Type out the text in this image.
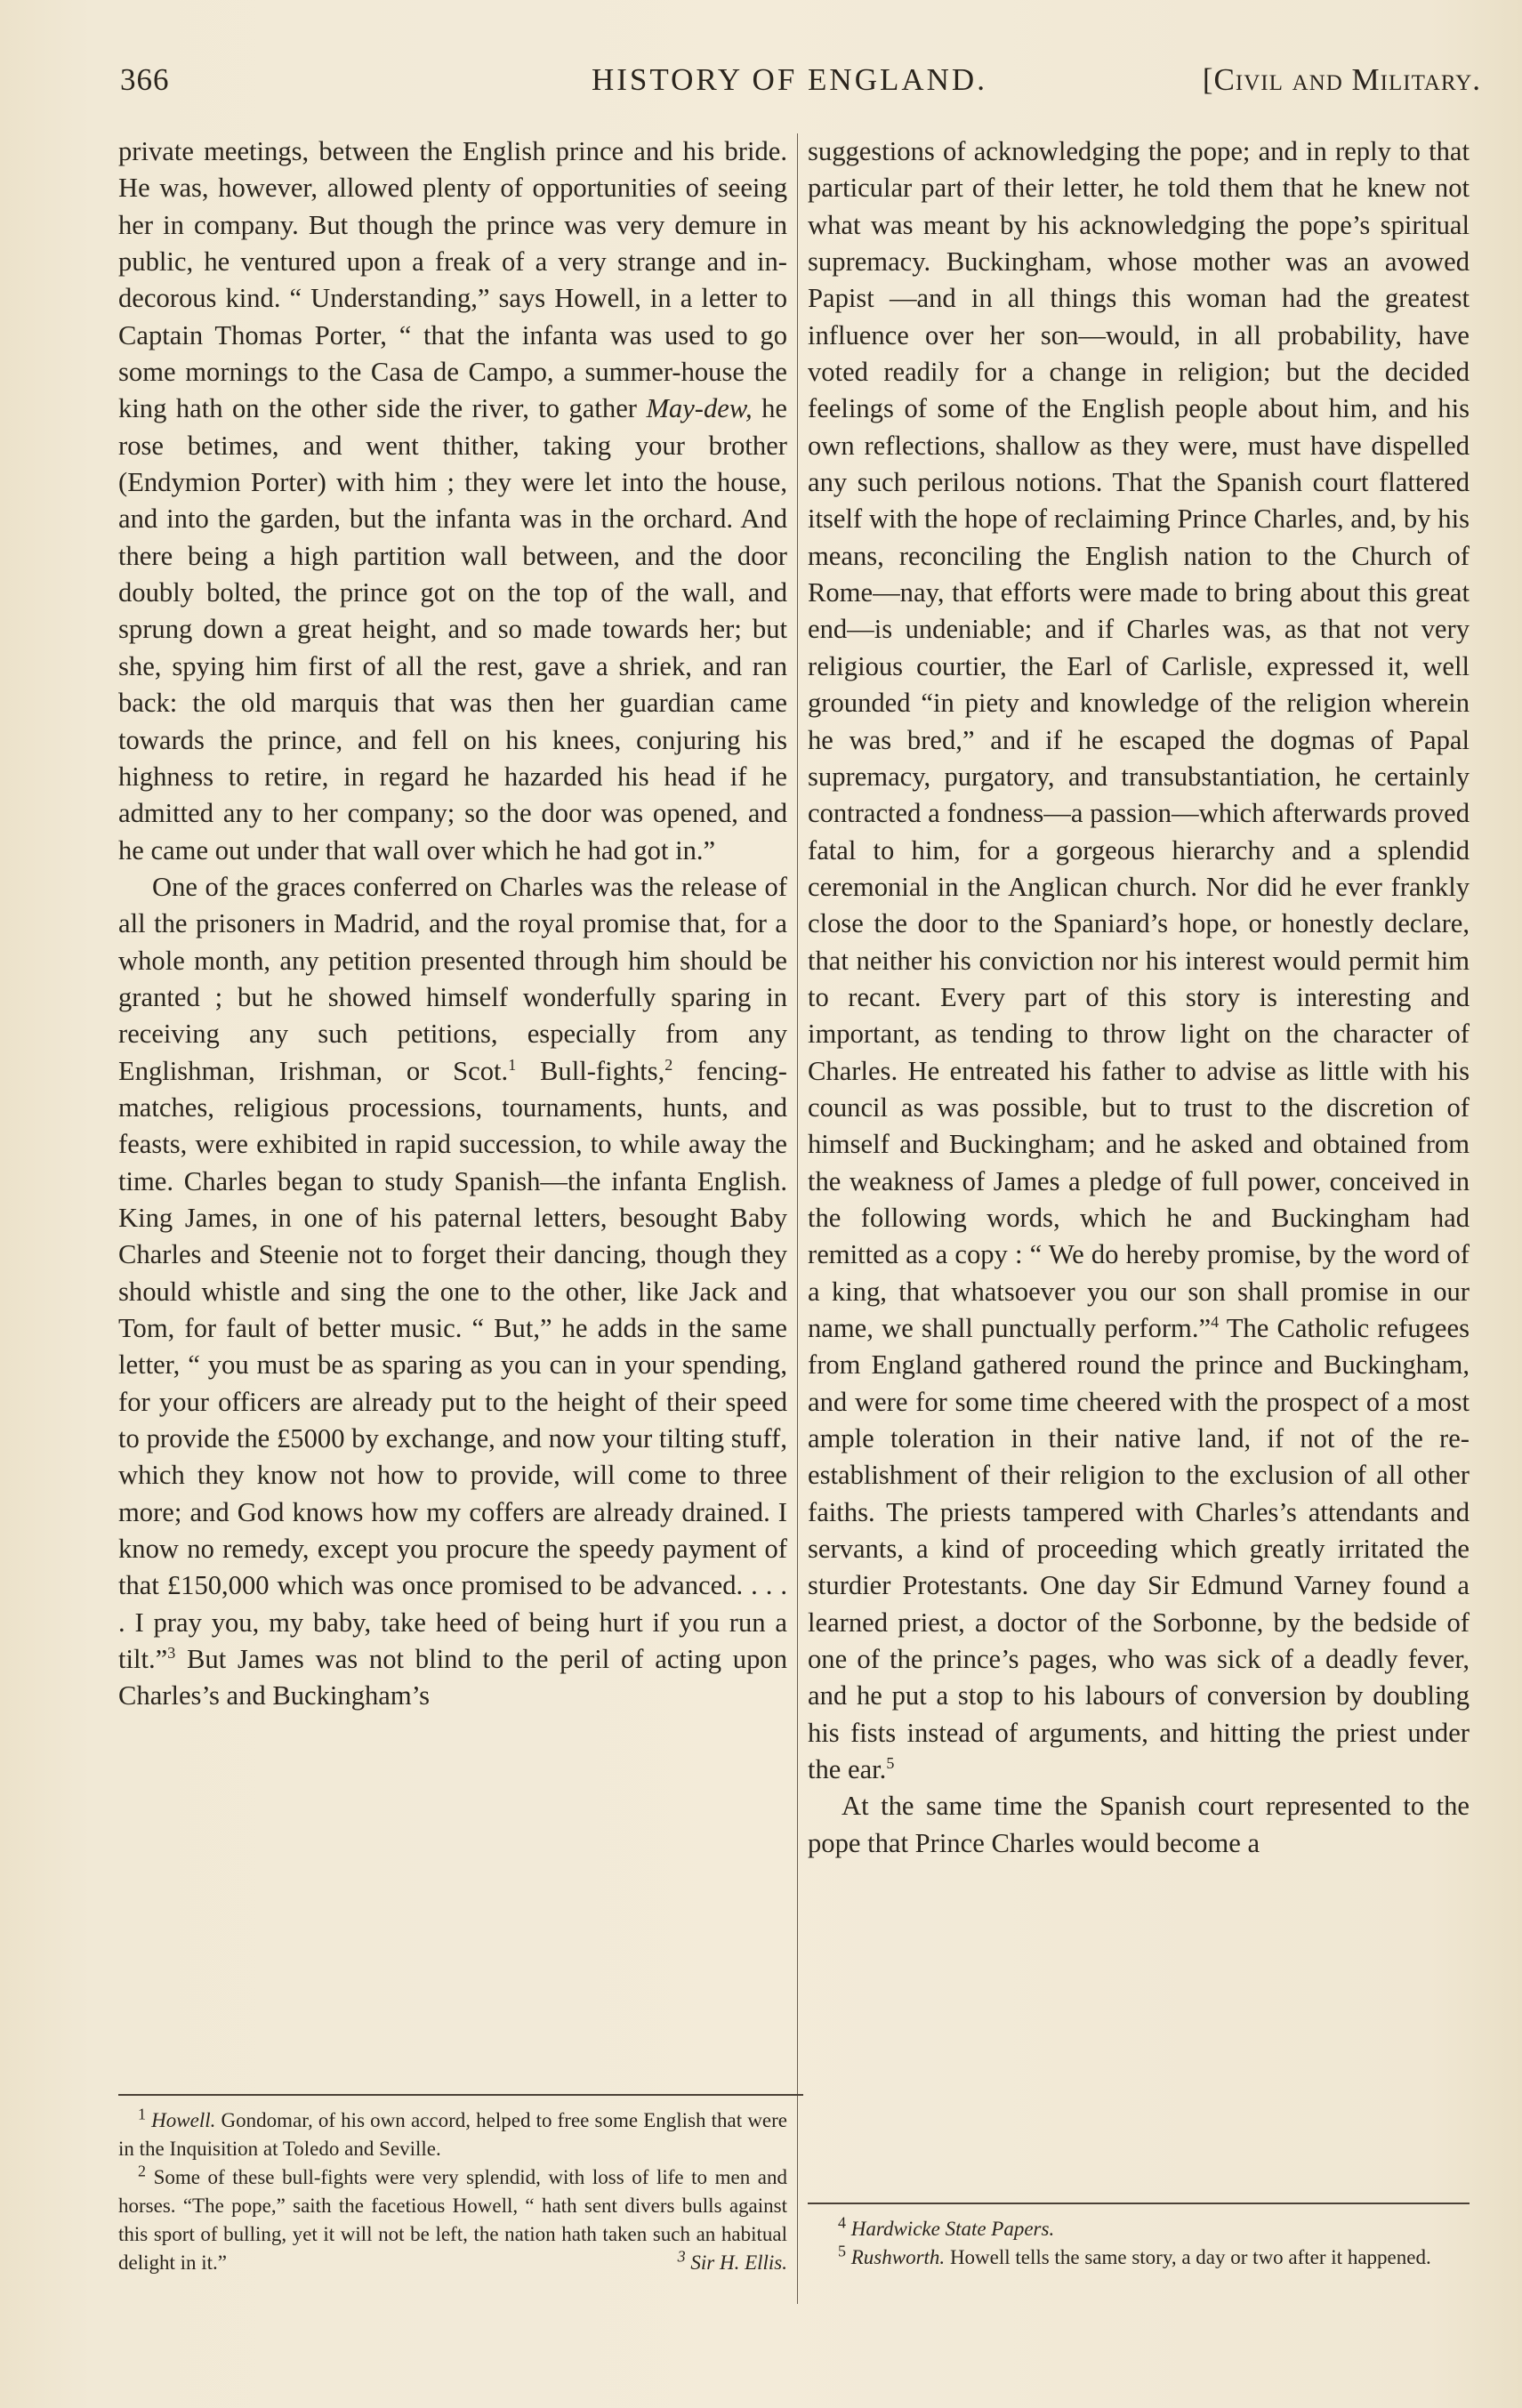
366	HISTORY OF ENGLAND.	[Civil and Military.

private meetings, between the English prince and his bride. He was, however, allowed plenty of opportunities of seeing her in company. But though the prince was very demure in public, he ventured upon a freak of a very strange and indecorous kind. “ Understanding,” says Howell, in a letter to Captain Thomas Porter, “ that the infanta was used to go some mornings to the Casa de Campo, a summer-house the king hath on the other side the river, to gather May-dew, he rose betimes, and went thither, taking your brother (Endymion Porter) with him ; they were let into the house, and into the garden, but the infanta was in the orchard. And there being a high partition wall between, and the door doubly bolted, the prince got on the top of the wall, and sprung down a great height, and so made towards her; but she, spying him first of all the rest, gave a shriek, and ran back: the old marquis that was then her guardian came towards the prince, and fell on his knees, conjuring his highness to retire, in regard he hazarded his head if he admitted any to her company; so the door was opened, and he came out under that wall over which he had got in.”

One of the graces conferred on Charles was the release of all the prisoners in Madrid, and the royal promise that, for a whole month, any petition presented through him should be granted ; but he showed himself wonderfully sparing in receiving any such petitions, especially from any Englishman, Irishman, or Scot.$^1$ Bull-fights,$^2$ fencing-matches, religious processions, tournaments, hunts, and feasts, were exhibited in rapid succession, to while away the time. Charles began to study Spanish—the infanta English. King James, in one of his paternal letters, besought Baby Charles and Steenie not to forget their dancing, though they should whistle and sing the one to the other, like Jack and Tom, for fault of better music. “ But,” he adds in the same letter, “ you must be as sparing as you can in your spending, for your officers are already put to the height of their speed to provide the £5000 by exchange, and now your tilting stuff, which they know not how to provide, will come to three more; and God knows how my coffers are already drained. I know no remedy, except you procure the speedy payment of that £150,000 which was once promised to be advanced. . . . . I pray you, my baby, take heed of being hurt if you run a tilt.”$^3$ But James was not blind to the peril of acting upon Charles’s and Buckingham’s

suggestions of acknowledging the pope; and in reply to that particular part of their letter, he told them that he knew not what was meant by his acknowledging the pope’s spiritual supremacy. Buckingham, whose mother was an avowed Papist —and in all things this woman had the greatest influence over her son—would, in all probability, have voted readily for a change in religion; but the decided feelings of some of the English people about him, and his own reflections, shallow as they were, must have dispelled any such perilous notions. That the Spanish court flattered itself with the hope of reclaiming Prince Charles, and, by his means, reconciling the English nation to the Church of Rome—nay, that efforts were made to bring about this great end—is undeniable; and if Charles was, as that not very religious courtier, the Earl of Carlisle, expressed it, well grounded “in piety and knowledge of the religion wherein he was bred,” and if he escaped the dogmas of Papal supremacy, purgatory, and transubstantiation, he certainly contracted a fondness—a passion—which afterwards proved fatal to him, for a gorgeous hierarchy and a splendid ceremonial in the Anglican church. Nor did he ever frankly close the door to the Spaniard’s hope, or honestly declare, that neither his conviction nor his interest would permit him to recant. Every part of this story is interesting and important, as tending to throw light on the character of Charles. He entreated his father to advise as little with his council as was possible, but to trust to the discretion of himself and Buckingham; and he asked and obtained from the weakness of James a pledge of full power, conceived in the following words, which he and Buckingham had remitted as a copy : “ We do hereby promise, by the word of a king, that whatsoever you our son shall promise in our name, we shall punctually perform.”$^4$ The Catholic refugees from England gathered round the prince and Buckingham, and were for some time cheered with the prospect of a most ample toleration in their native land, if not of the re-establishment of their religion to the exclusion of all other faiths. The priests tampered with Charles’s attendants and servants, a kind of proceeding which greatly irritated the sturdier Protestants. One day Sir Edmund Varney found a learned priest, a doctor of the Sorbonne, by the bedside of one of the prince’s pages, who was sick of a deadly fever, and he put a stop to his labours of conversion by doubling his fists instead of arguments, and hitting the priest under the ear.$^5$

At the same time the Spanish court represented to the pope that Prince Charles would become a

$^1$ Howell. Gondomar, of his own accord, helped to free some English that were in the Inquisition at Toledo and Seville.

$^2$ Some of these bull-fights were very splendid, with loss of life to men and horses. “The pope,” saith the facetious Howell, “ hath sent divers bulls against this sport of bulling, yet it will not be left, the nation hath taken such an habitual delight in it.”	$^3$ Sir H. Ellis.

$^4$ Hardwicke State Papers.

$^5$ Rushworth. Howell tells the same story, a day or two after it happened.
